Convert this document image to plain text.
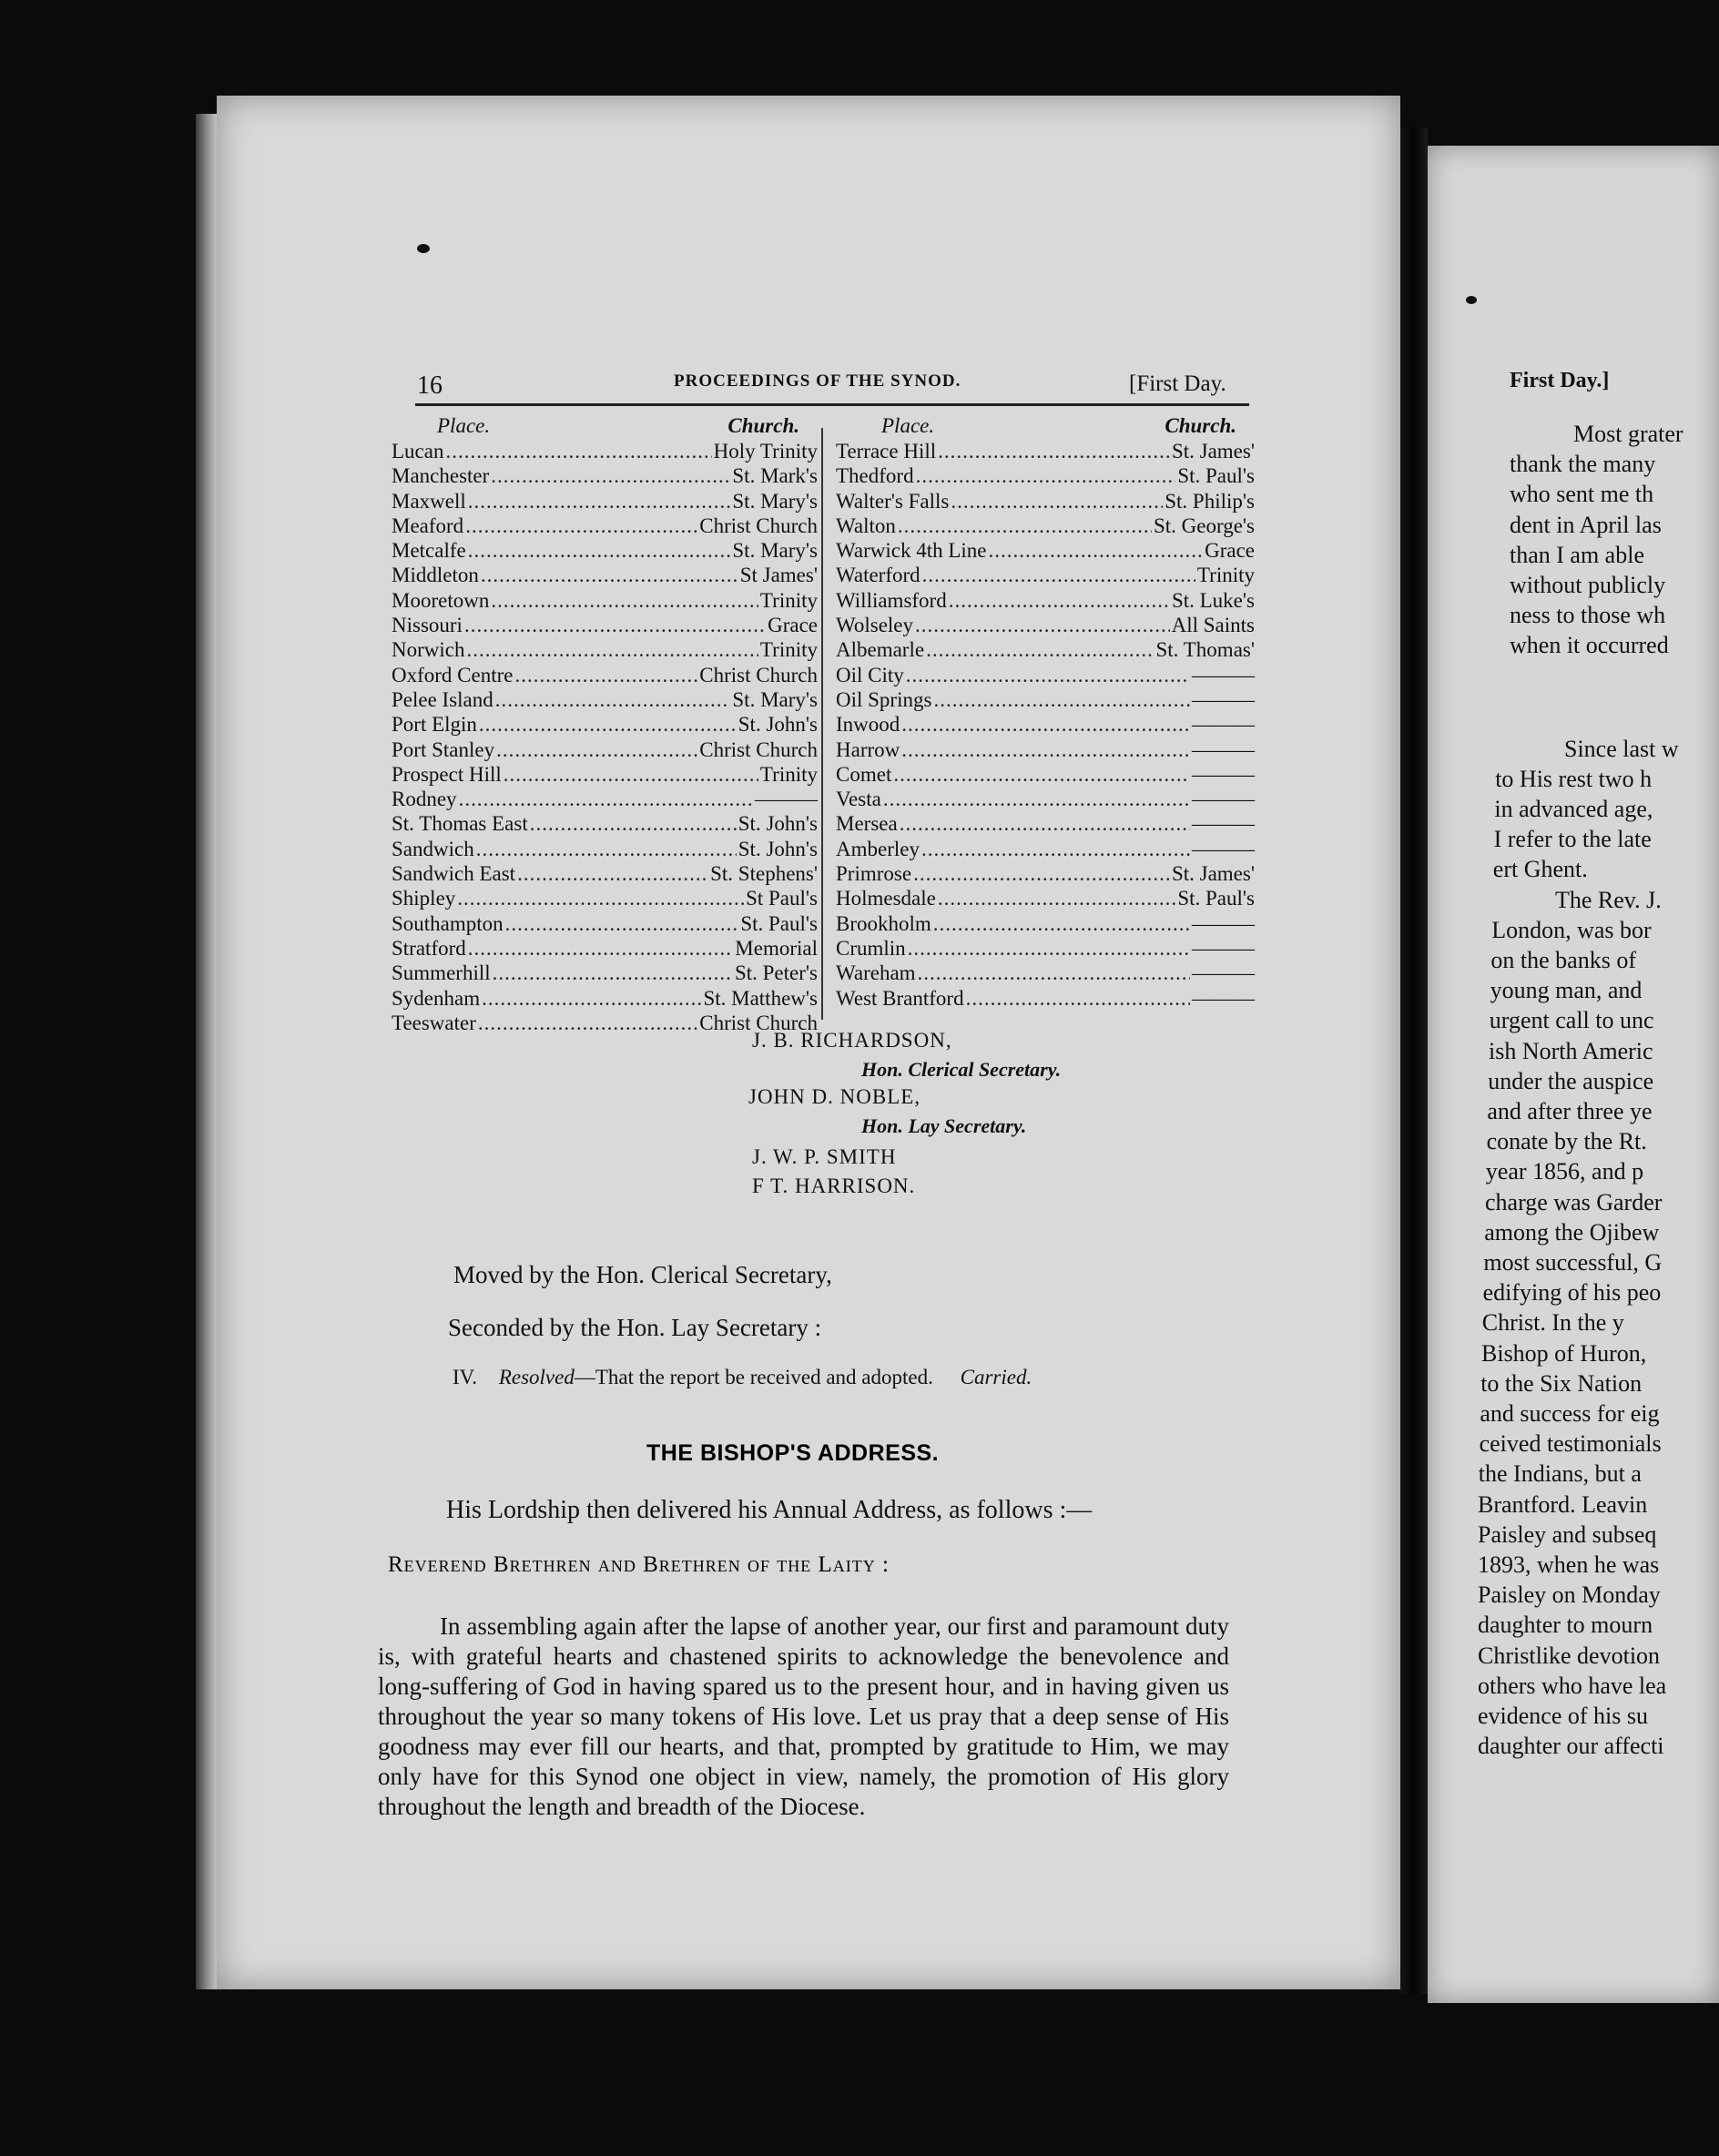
16	PROCEEDINGS OF THE SYNOD.	[First Day.
Place.	Church.
Lucan .....	Holy Trinity
Manchester .....	St. Mark's
Maxwell .....	St. Mary's
Meaford .....	Christ Church
Metcalfe .....	St. Mary's
Middleton .....	St James'
Mooretown .....	Trinity
Nissouri .....	Grace
Norwich .....	Trinity
Oxford Centre .....	Christ Church
Pelee Island .....	St. Mary's
Port Elgin .....	St. John's
Port Stanley .....	Christ Church
Prospect Hill .....	Trinity
Rodney .....	———
St. Thomas East .....	St. John's
Sandwich .....	St. John's
Sandwich East .....	St. Stephens'
Shipley .....	St Paul's
Southampton .....	St. Paul's
Stratford .....	Memorial
Summerhill .....	St. Peter's
Sydenham .....	St. Matthew's
Teeswater .....	Christ Church
Place.	Church.
Terrace Hill .....	St. James'
Thedford .....	St. Paul's
Walter's Falls .....	St. Philip's
Walton .....	St. George's
Warwick 4th Line .....	Grace
Waterford .....	Trinity
Williamsford .....	St. Luke's
Wolseley .....	All Saints
Albemarle .....	St. Thomas'
Oil City .....	———
Oil Springs .....	———
Inwood .....	———
Harrow .....	———
Comet .....	———
Vesta .....	———
Mersea .....	———
Amberley .....	———
Primrose .....	St. James'
Holmesdale .....	St. Paul's
Brookholm .....	———
Crumlin .....	———
Wareham .....	———
West Brantford .....	———
J. B. RICHARDSON,
Hon. Clerical Secretary.
JOHN D. NOBLE,
Hon. Lay Secretary.
J. W. P. SMITH
F T. HARRISON.
Moved by the Hon. Clerical Secretary,
Seconded by the Hon. Lay Secretary :
IV. Resolved—That the report be received and adopted. Carried.
THE BISHOP'S ADDRESS.
His Lordship then delivered his Annual Address, as follows :—
Reverend Brethren and Brethren of the Laity :
In assembling again after the lapse of another year, our first and paramount duty is, with grateful hearts and chastened spirits to acknowledge the benevolence and long-suffering of God in having spared us to the present hour, and in having given us throughout the year so many tokens of His love. Let us pray that a deep sense of His goodness may ever fill our hearts, and that, prompted by gratitude to Him, we may only have for this Synod one object in view, namely, the promotion of His glory throughout the length and breadth of the Diocese.
First Day.]
Most grater
thank the many
who sent me th
dent in April las
than I am able
without publicly
ness to those wh
when it occurred
Since last w
to His rest two h
in advanced age,
I refer to the late
ert Ghent.
The Rev. J.
London, was bor
on the banks of
young man, and
urgent call to unc
ish North Americ
under the auspice
and after three ye
conate by the Rt.
year 1856, and p
charge was Garder
among the Ojibew
most successful, G
edifying of his peo
Christ. In the y
Bishop of Huron,
to the Six Nation
and success for eig
ceived testimonials
the Indians, but a
Brantford. Leavin
Paisley and subseq
1893, when he was
Paisley on Monday
daughter to mourn
Christlike devotion
others who have lea
evidence of his su
daughter our affecti
